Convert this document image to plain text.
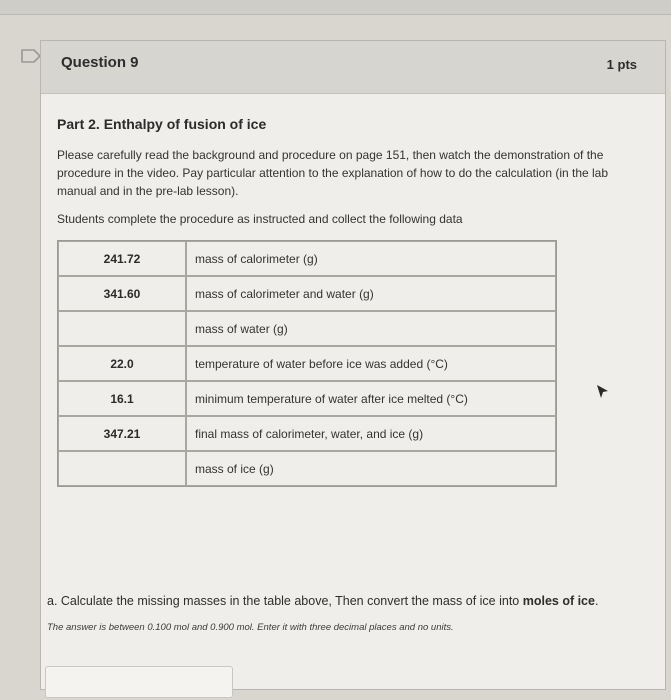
Question 9	1 pts
Part 2. Enthalpy of fusion of ice
Please carefully read the background and procedure on page 151, then watch the demonstration of the procedure in the video. Pay particular attention to the explanation of how to do the calculation (in the lab manual and in the pre-lab lesson).
Students complete the procedure as instructed and collect the following data
241.72	mass of calorimeter (g)
341.60	mass of calorimeter and water (g)
	mass of water (g)
22.0	temperature of water before ice was added (°C)
16.1	minimum temperature of water after ice melted (°C)
347.21	final mass of calorimeter, water, and ice (g)
	mass of ice (g)
a. Calculate the missing masses in the table above, Then convert the mass of ice into moles of ice.
The answer is between 0.100 mol and 0.900 mol. Enter it with three decimal places and no units.
